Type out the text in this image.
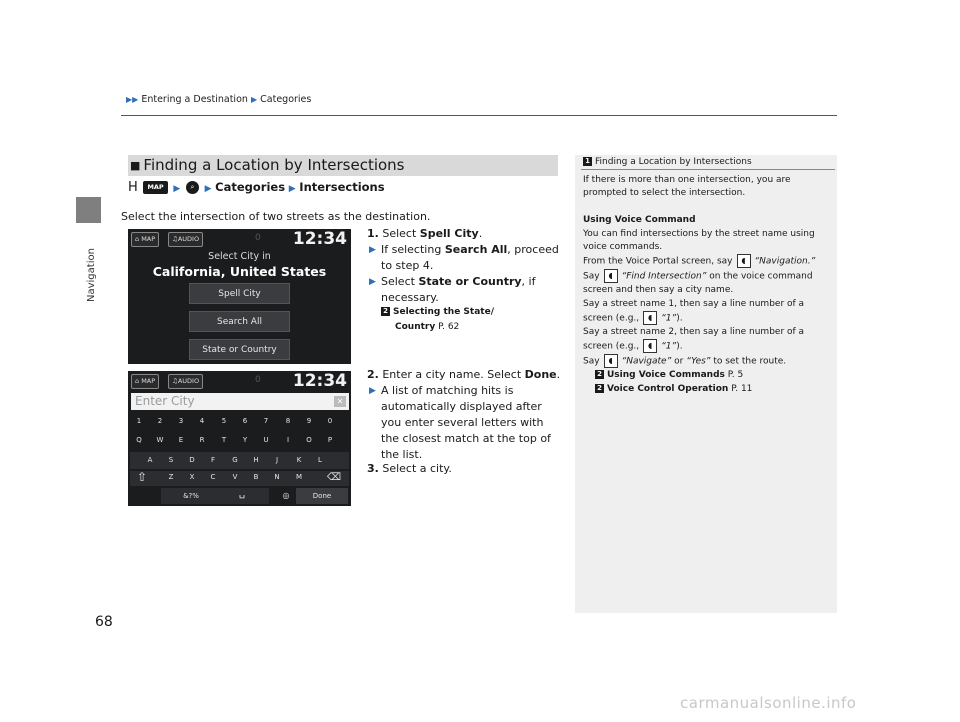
Navigation
▶▶ Entering a Destination ▶ Categories
■ Finding a Location by Intersections
H MAP ▶ ⌕ ▶ Categories ▶ Intersections
Select the intersection of two streets as the destination.
⌂ MAP	♫AUDIO	0 12:34
Select City in
California, United States
Spell City
Search All
State or Country
⌂ MAP	♫AUDIO	0 12:34
Enter City	✕
1	2	3	4	5	6	7	8	9	0
Q	W	E	R	T	Y	U	I	O	P
A	S	D	F	G	H	J	K	L
⇧	Z	X	C	V	B	N	M	⌫
&?%	␣	◎	Done
1. Select Spell City.
▶ If selecting Search All, proceed
to step 4.
▶ Select State or Country, if
necessary.
2 Selecting the State/
Country P. 62
2. Enter a city name. Select Done.
▶ A list of matching hits is
automatically displayed after
you enter several letters with
the closest match at the top of
the list.
3. Select a city.
1 Finding a Location by Intersections
If there is more than one intersection, you are
prompted to select the intersection.

Using Voice Command
You can find intersections by the street name using
voice commands.
From the Voice Portal screen, say ◖ “Navigation.”
Say ◖ “Find Intersection” on the voice command
screen and then say a city name.
Say a street name 1, then say a line number of a
screen (e.g., ◖ “1”).
Say a street name 2, then say a line number of a
screen (e.g., ◖ “1”).
Say ◖ “Navigate” or “Yes” to set the route.
2 Using Voice Commands P. 5
2 Voice Control Operation P. 11
68
carmanualsonline.info
